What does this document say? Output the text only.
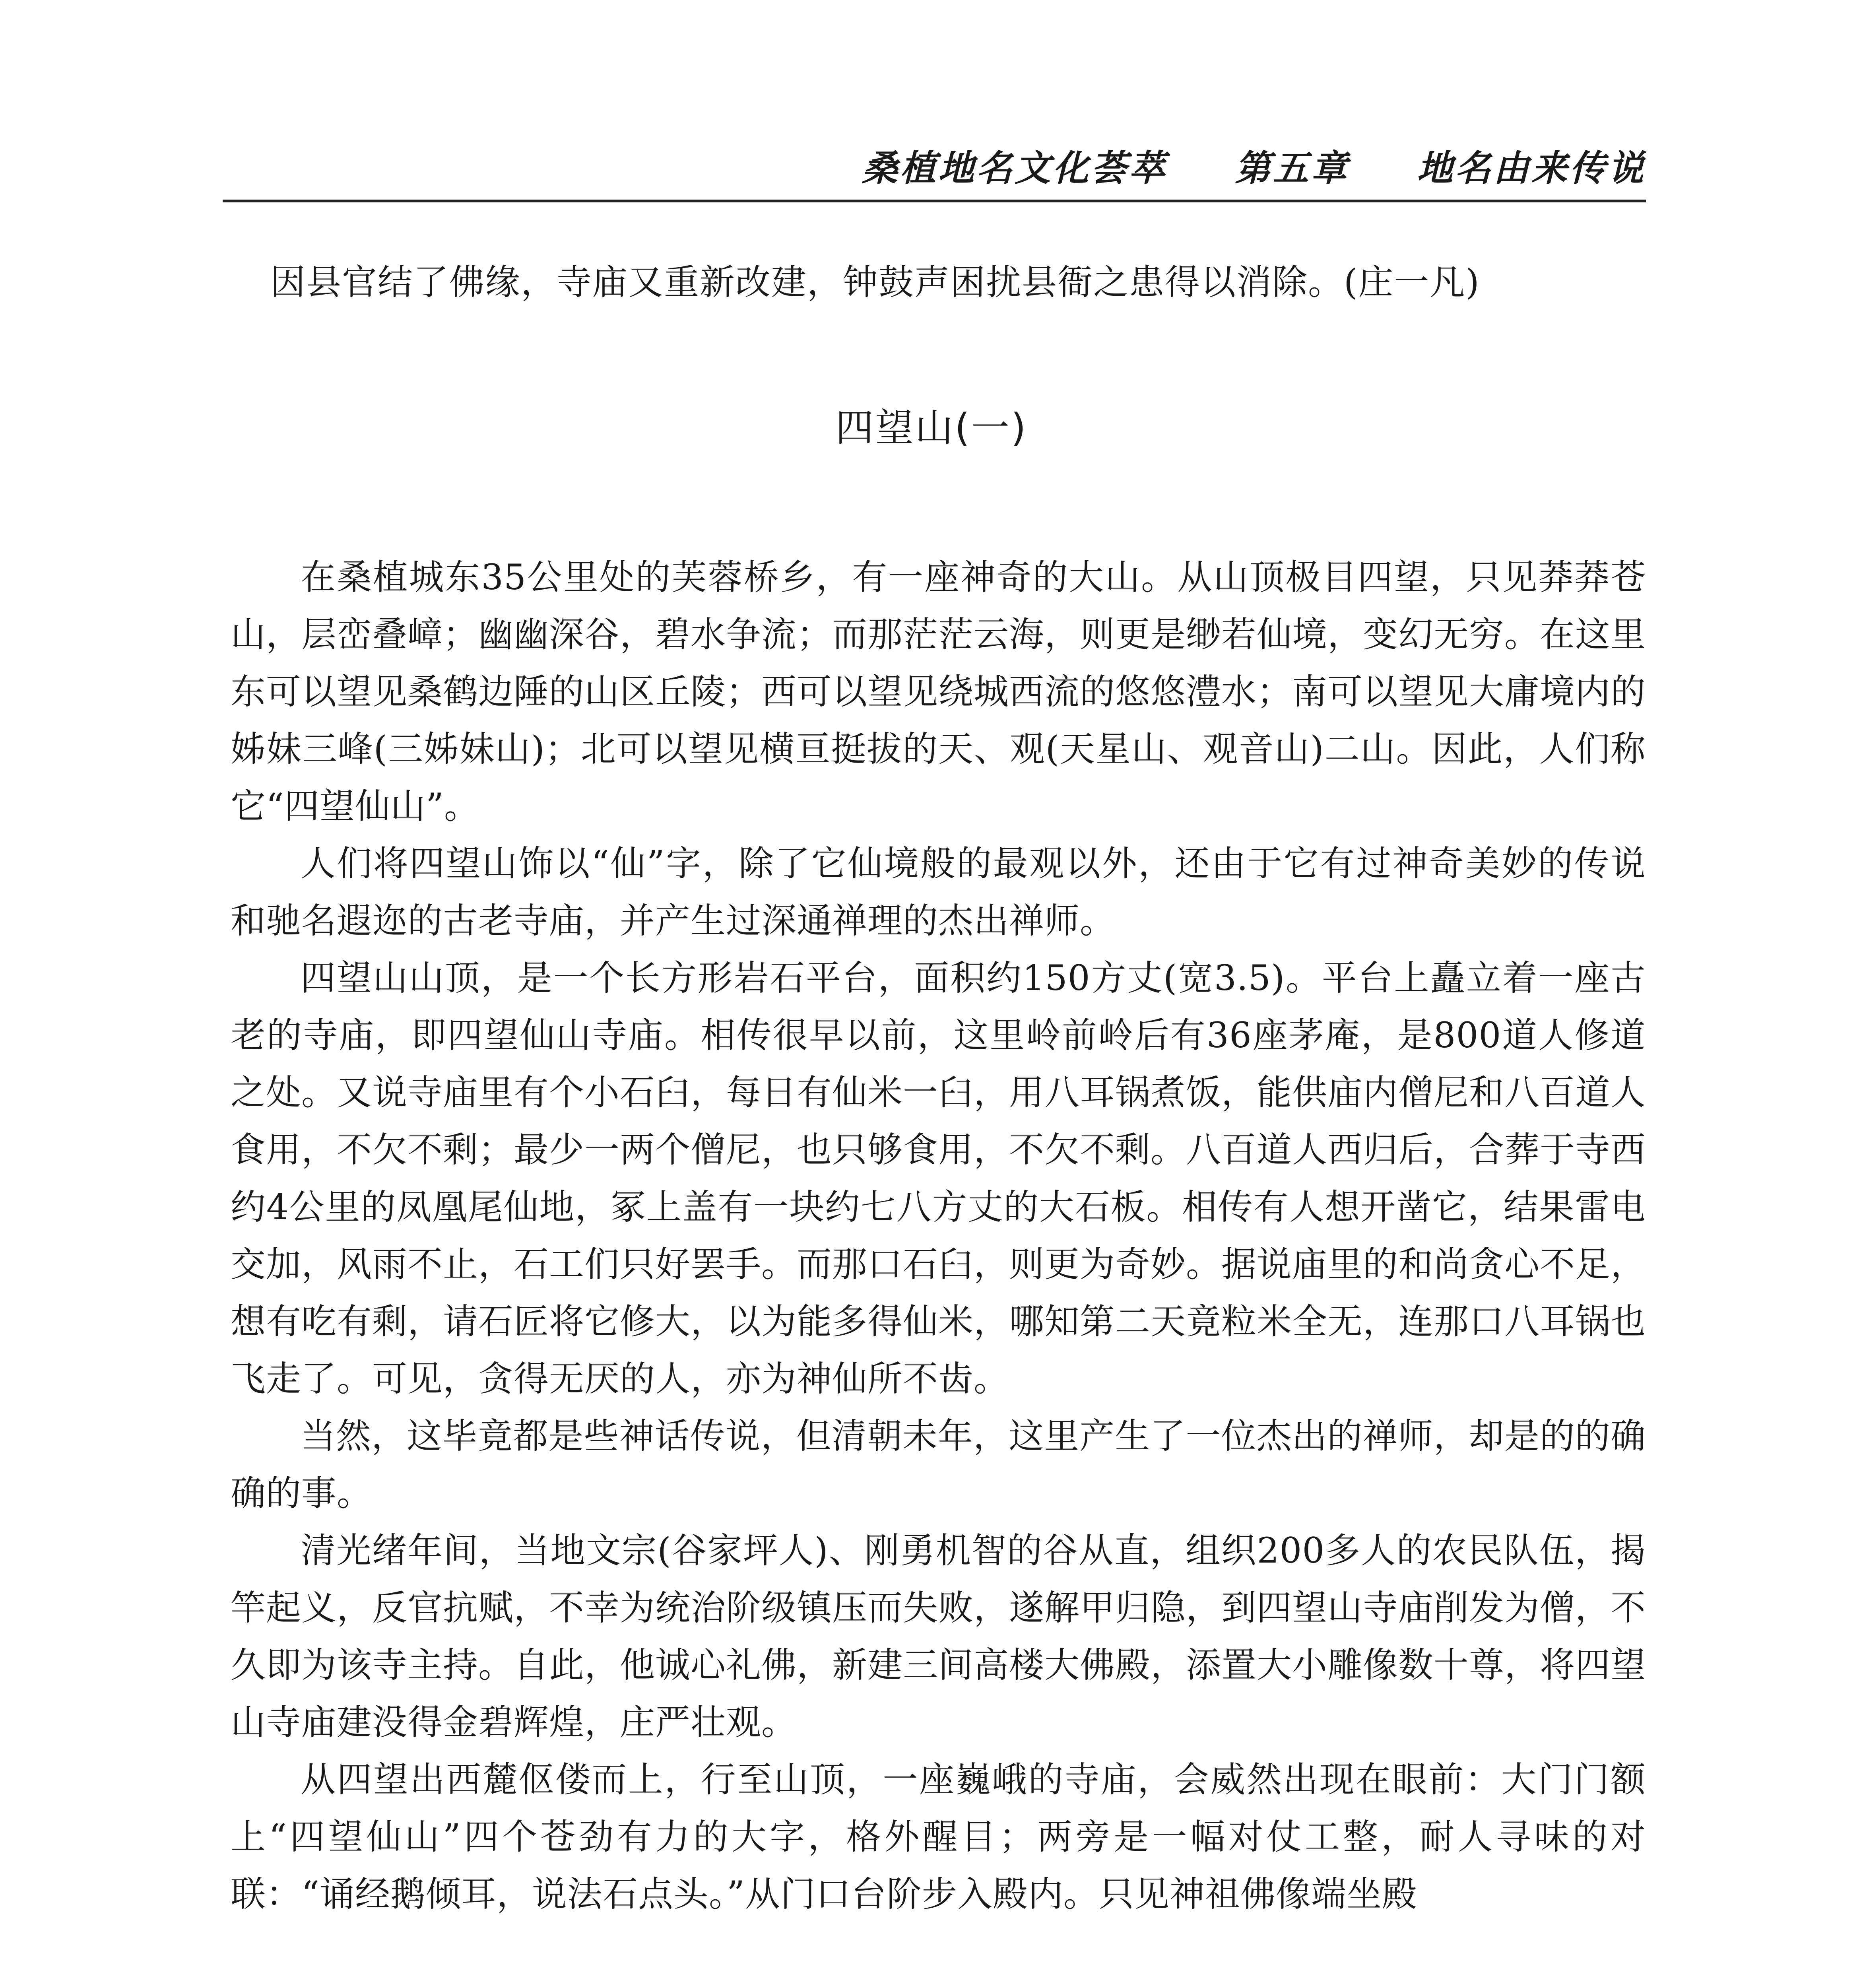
桑植地名文化荟萃 第五章 地名由来传说
因县官结了佛缘，寺庙又重新改建，钟鼓声困扰县衙之患得以消除。(庄一凡)
四望山(一)

在桑植城东35公里处的芙蓉桥乡，有一座神奇的大山。从山顶极目四望，只见莽莽苍山，层峦叠嶂；幽幽深谷，碧水争流；而那茫茫云海，则更是缈若仙境，变幻无穷。在这里东可以望见桑鹤边陲的山区丘陵；西可以望见绕城西流的悠悠澧水；南可以望见大庸境内的姊妹三峰(三姊妹山)；北可以望见横亘挺拔的天、观(天星山、观音山)二山。因此，人们称它“四望仙山”。

人们将四望山饰以“仙”字，除了它仙境般的最观以外，还由于它有过神奇美妙的传说和驰名遐迩的古老寺庙，并产生过深通禅理的杰出禅师。

四望山山顶，是一个长方形岩石平台，面积约150方丈(宽3.5)。平台上矗立着一座古老的寺庙，即四望仙山寺庙。相传很早以前，这里岭前岭后有36座茅庵，是800道人修道之处。又说寺庙里有个小石臼，每日有仙米一臼，用八耳锅煮饭，能供庙内僧尼和八百道人食用，不欠不剩；最少一两个僧尼，也只够食用，不欠不剩。八百道人西归后，合葬于寺西约4公里的凤凰尾仙地，冢上盖有一块约七八方丈的大石板。相传有人想开凿它，结果雷电交加，风雨不止，石工们只好罢手。而那口石臼，则更为奇妙。据说庙里的和尚贪心不足，想有吃有剩，请石匠将它修大，以为能多得仙米，哪知第二天竟粒米全无，连那口八耳锅也飞走了。可见，贪得无厌的人，亦为神仙所不齿。

当然，这毕竟都是些神话传说，但清朝未年，这里产生了一位杰出的禅师，却是的的确确的事。

清光绪年间，当地文宗(谷家坪人)、刚勇机智的谷从直，组织200多人的农民队伍，揭竿起义，反官抗赋，不幸为统治阶级镇压而失败，遂解甲归隐，到四望山寺庙削发为僧，不久即为该寺主持。自此，他诚心礼佛，新建三间高楼大佛殿，添置大小雕像数十尊，将四望山寺庙建没得金碧辉煌，庄严壮观。

从四望出西麓伛偻而上，行至山顶，一座巍峨的寺庙，会威然出现在眼前：大门门额上“四望仙山”四个苍劲有力的大字，格外醒目；两旁是一幅对仗工整，耐人寻味的对联：“诵经鹅倾耳，说法石点头。”从门口台阶步入殿内。只见神祖佛像端坐殿
